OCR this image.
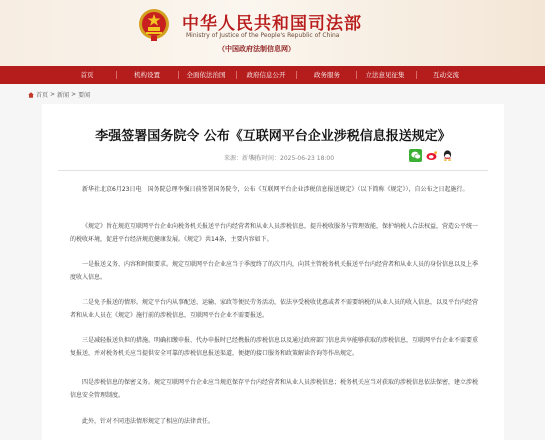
中华人民共和国司法部
Ministry of Justice of the People's Republic of China
（中国政府法制信息网）
首页	机构设置	全面依法治国	政府信息公开	政务服务	立法意见征集	互动交流
首页 > 新闻 > 要闻
李强签署国务院令 公布《互联网平台企业涉税信息报送规定》
来源：新华社
发布时间：2025-06-23 18:00
新华社北京6月23日电　国务院总理李强日前签署国务院令，公布《互联网平台企业涉税信息报送规定》（以下简称《规定》），自公布之日起施行。
《规定》旨在规范互联网平台企业向税务机关报送平台内经营者和从业人员涉税信息，提升税收服务与管理效能，保护纳税人合法权益，营造公平统一的税收环境，促进平台经济规范健康发展。《规定》共14条，主要内容如下。
一是报送义务、内容和时限要求。规定互联网平台企业应当于季度终了的次月内，向其主管税务机关报送平台内经营者和从业人员的身份信息以及上季度收入信息。
二是免予报送的情形。规定平台内从事配送、运输、家政等便民劳务活动，依法享受税收优惠或者不需要纳税的从业人员的收入信息，以及平台内经营者和从业人员在《规定》施行前的涉税信息，互联网平台企业不需要报送。
三是减轻报送负担的措施。明确扣缴申报、代办申报时已经携报的涉税信息以及通过政府部门信息共享能够获取的涉税信息，互联网平台企业不需要重复报送，并对税务机关应当提供安全可靠的涉税信息报送渠道，便捷的接口服务和政策解读咨询等作出规定。
四是涉税信息的保密义务。规定互联网平台企业应当规范保存平台内经营者和从业人员涉税信息；税务机关应当对获取的涉税信息依法保密，建立涉税信息安全管理制度。
此外，针对不同违法情形规定了相应的法律责任。
